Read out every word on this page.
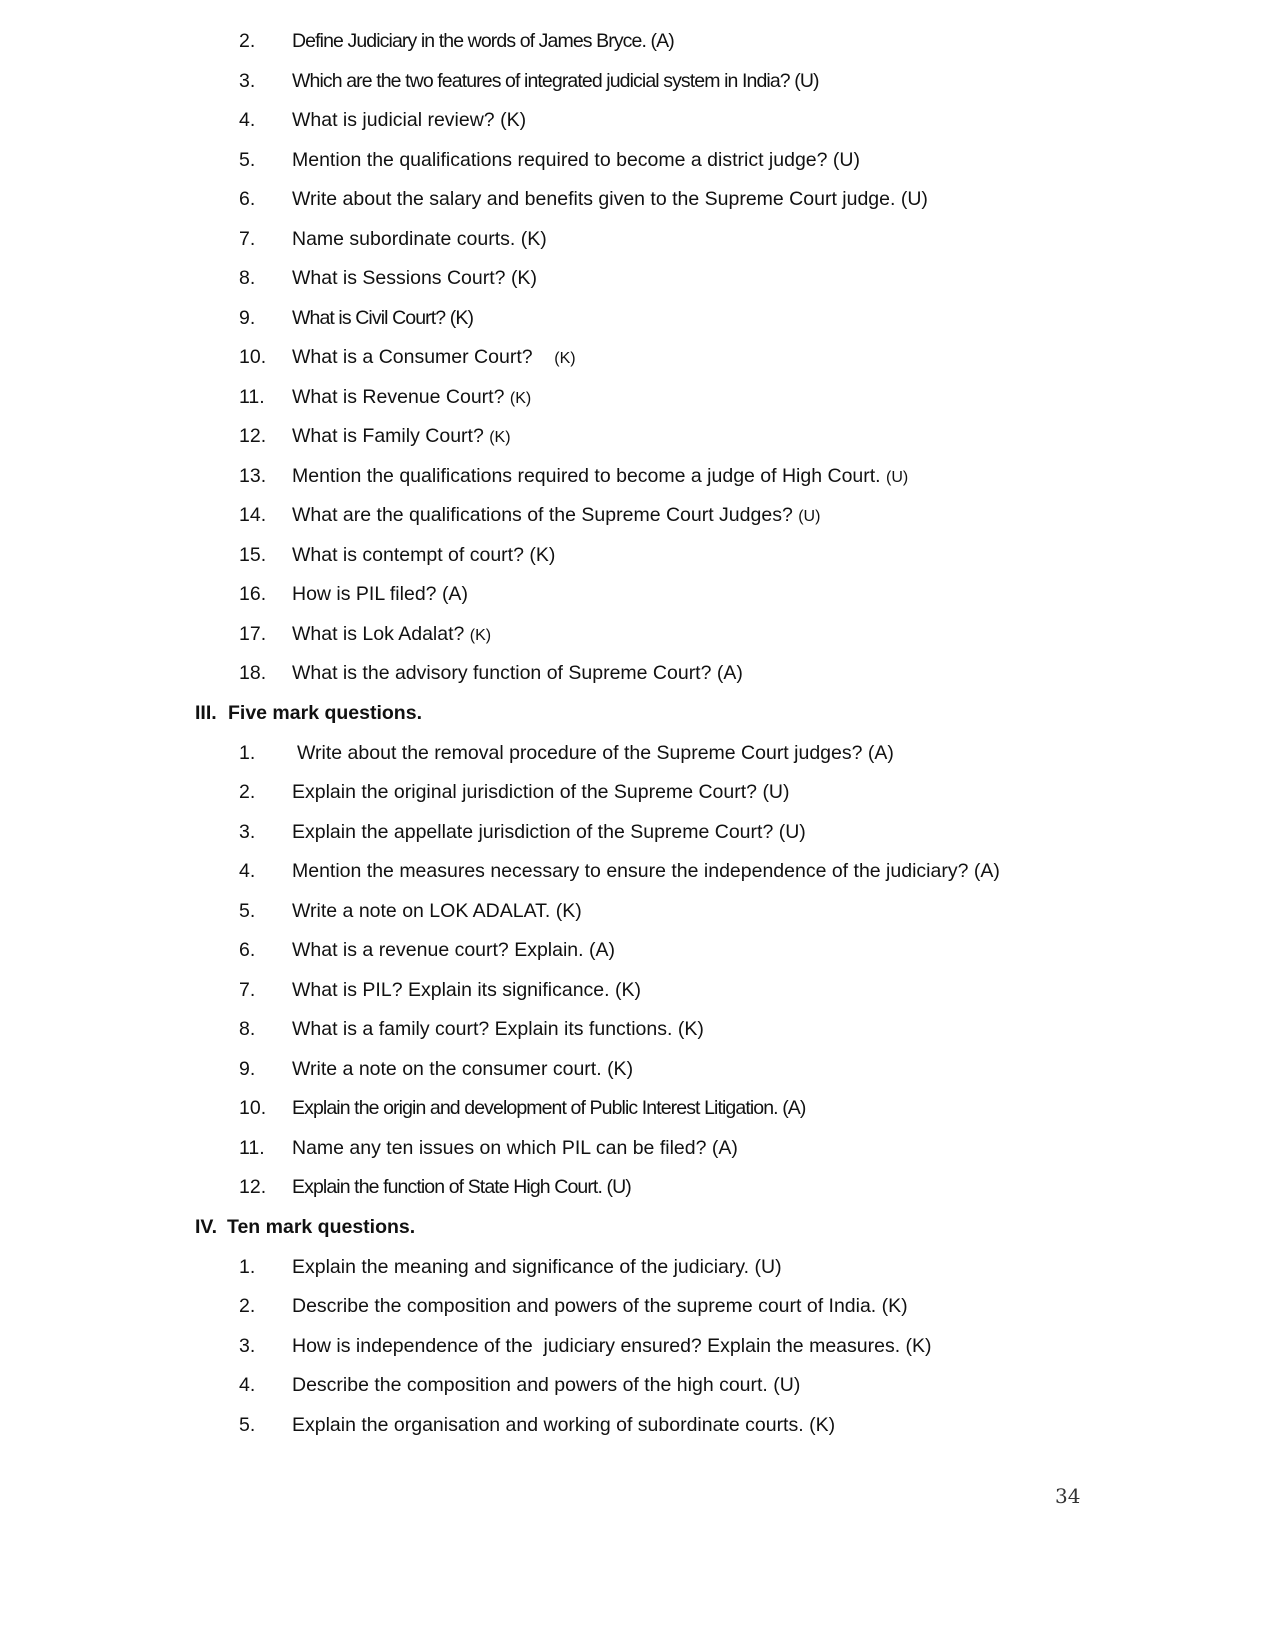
2.	Define Judiciary in the words of James Bryce. (A)
3.	Which are the two features of integrated judicial system in India? (U)
4.	What is judicial review? (K)
5.	Mention the qualifications required to become a district judge? (U)
6.	Write about the salary and benefits given to the Supreme Court judge. (U)
7.	Name subordinate courts. (K)
8.	What is Sessions Court? (K)
9.	What is Civil Court? (K)
10.	What is a Consumer Court? (K)
11.	What is Revenue Court? (K)
12.	What is Family Court? (K)
13.	Mention the qualifications required to become a judge of High Court. (U)
14.	What are the qualifications of the Supreme Court Judges? (U)
15.	What is contempt of court? (K)
16.	How is PIL filed? (A)
17.	What is Lok Adalat? (K)
18.	What is the advisory function of Supreme Court? (A)
III. Five mark questions.
1.	Write about the removal procedure of the Supreme Court judges? (A)
2.	Explain the original jurisdiction of the Supreme Court? (U)
3.	Explain the appellate jurisdiction of the Supreme Court? (U)
4.	Mention the measures necessary to ensure the independence of the judiciary? (A)
5.	Write a note on LOK ADALAT. (K)
6.	What is a revenue court? Explain. (A)
7.	What is PIL? Explain its significance. (K)
8.	What is a family court? Explain its functions. (K)
9.	Write a note on the consumer court. (K)
10.	Explain the origin and development of Public Interest Litigation. (A)
11.	Name any ten issues on which PIL can be filed? (A)
12.	Explain the function of State High Court. (U)
IV. Ten mark questions.
1.	Explain the meaning and significance of the judiciary. (U)
2.	Describe the composition and powers of the supreme court of India. (K)
3.	How is independence of the  judiciary ensured? Explain the measures. (K)
4.	Describe the composition and powers of the high court. (U)
5.	Explain the organisation and working of subordinate courts. (K)
34
